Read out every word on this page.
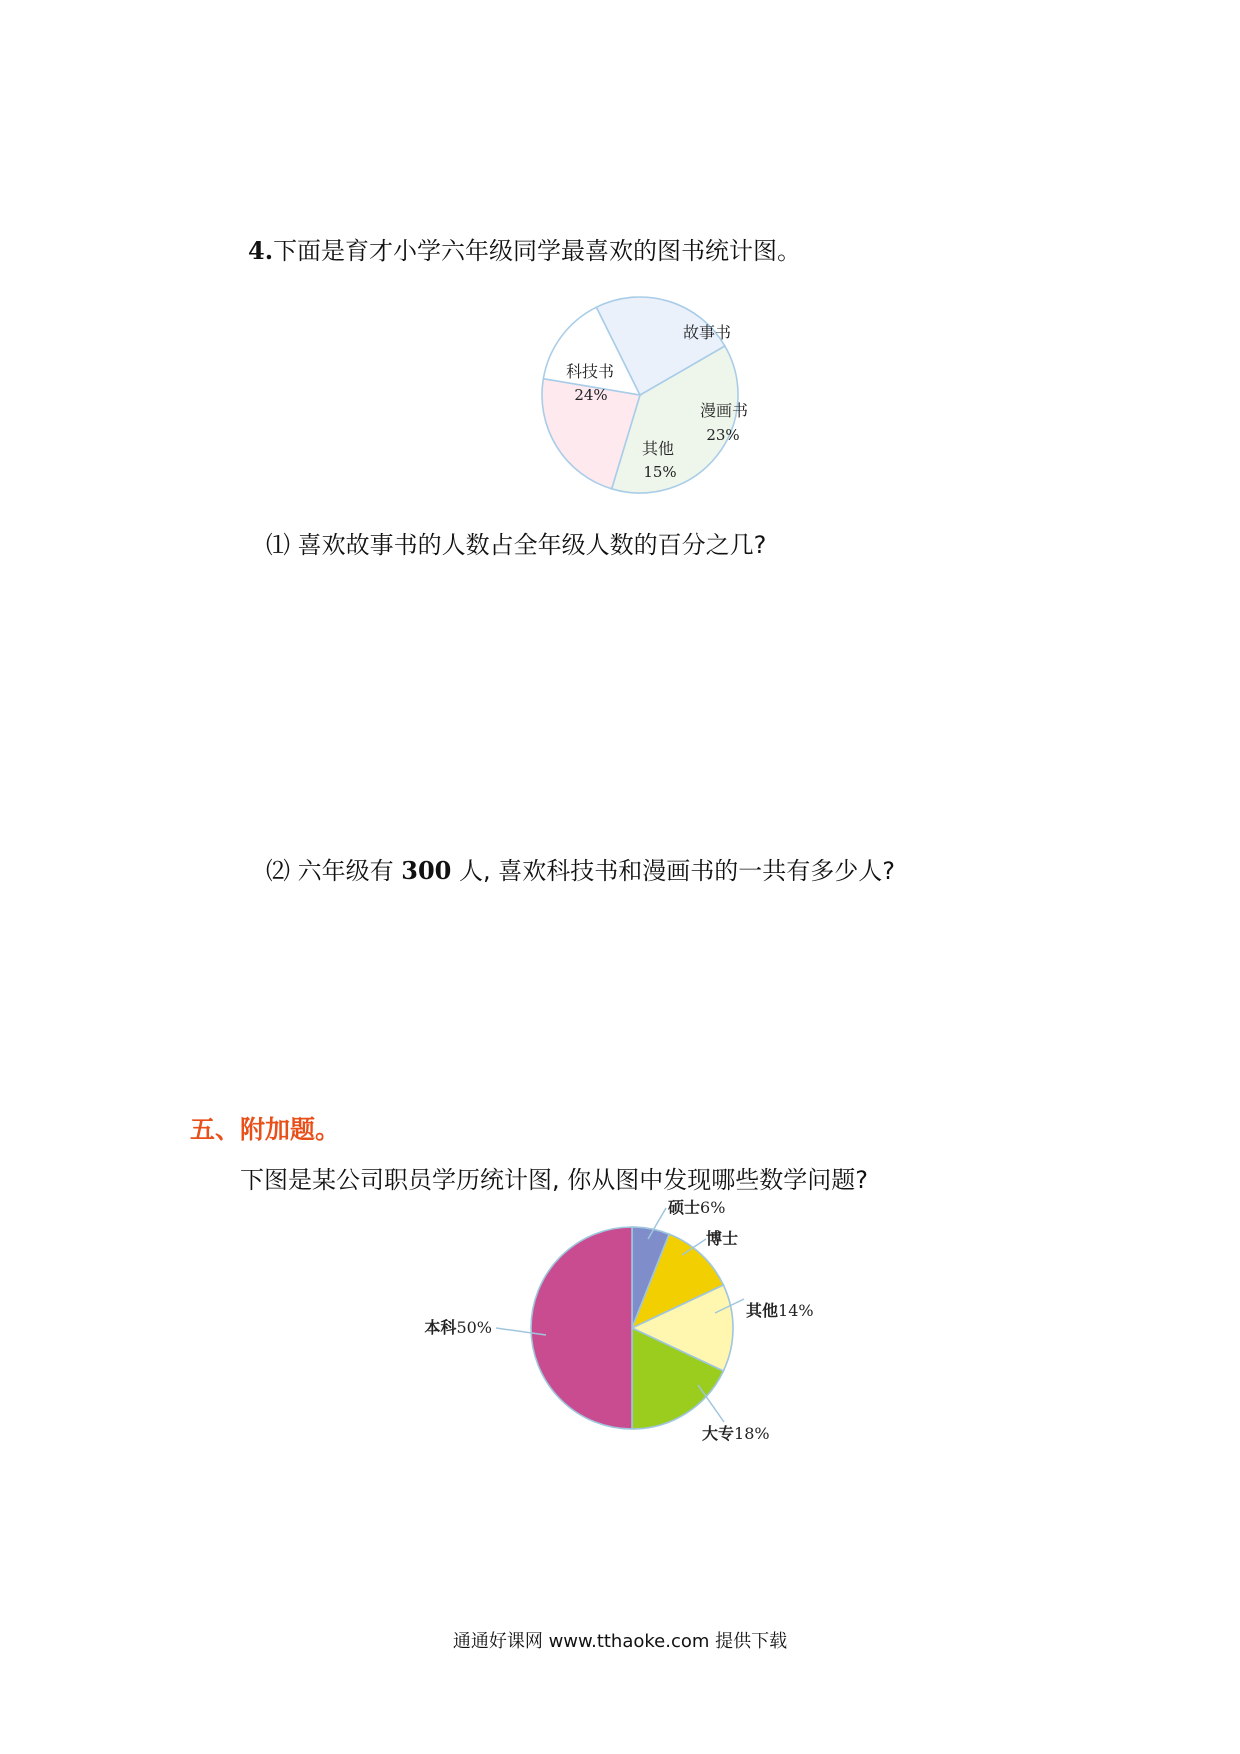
4.下面是育才小学六年级同学最喜欢的图书统计图。
故事书
漫画书
23%
其他
15%
科技书
24%
⑴ 喜欢故事书的人数占全年级人数的百分之几?
⑵ 六年级有 300 人, 喜欢科技书和漫画书的一共有多少人?
五、附加题。
下图是某公司职员学历统计图, 你从图中发现哪些数学问题?
硕士6%
博士
其他14%
大专18%
本科50%
通通好课网 www.tthaoke.com 提供下载
